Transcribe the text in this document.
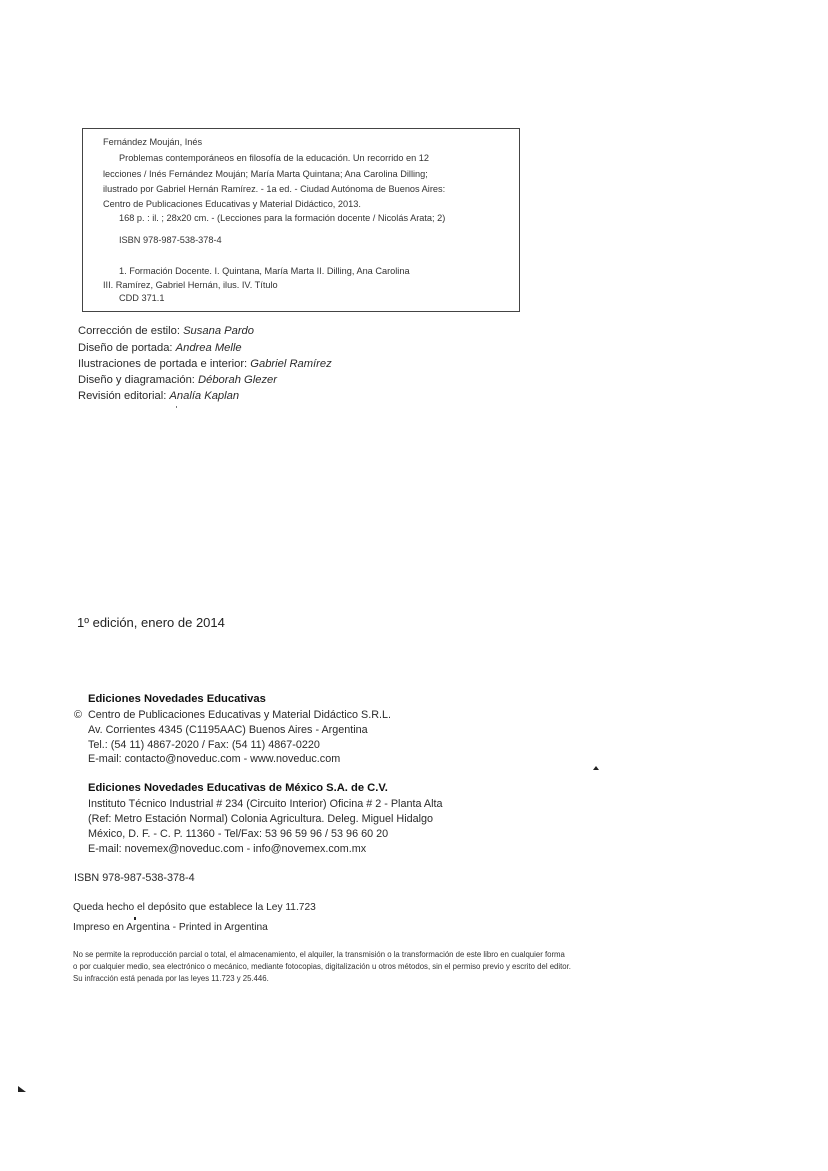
Fernández Mouján, Inés
Problemas contemporáneos en filosofía de la educación. Un recorrido en 12
lecciones / Inés Fernández Mouján; María Marta Quintana; Ana Carolina Dilling;
ilustrado por Gabriel Hernán Ramírez. - 1a ed. - Ciudad Autónoma de Buenos Aires:
Centro de Publicaciones Educativas y Material Didáctico, 2013.
168 p. : il. ; 28x20 cm. - (Lecciones para la formación docente / Nicolás Arata; 2)
ISBN 978-987-538-378-4
1. Formación Docente. I. Quintana, María Marta II. Dilling, Ana Carolina
III. Ramírez, Gabriel Hernán, ilus. IV. Título
CDD 371.1
Corrección de estilo: Susana Pardo
Diseño de portada: Andrea Melle
Ilustraciones de portada e interior: Gabriel Ramírez
Diseño y diagramación: Déborah Glezer
Revisión editorial: Analía Kaplan
1º edición, enero de 2014
Ediciones Novedades Educativas
© Centro de Publicaciones Educativas y Material Didáctico S.R.L.
Av. Corrientes 4345 (C1195AAC) Buenos Aires - Argentina
Tel.: (54 11) 4867-2020 / Fax: (54 11) 4867-0220
E-mail: contacto@noveduc.com - www.noveduc.com
Ediciones Novedades Educativas de México S.A. de C.V.
Instituto Técnico Industrial # 234 (Circuito Interior) Oficina # 2 - Planta Alta
(Ref: Metro Estación Normal) Colonia Agricultura. Deleg. Miguel Hidalgo
México, D. F. - C. P. 11360 - Tel/Fax: 53 96 59 96 / 53 96 60 20
E-mail: novemex@noveduc.com - info@novemex.com.mx
ISBN 978-987-538-378-4
Queda hecho el depósito que establece la Ley 11.723
Impreso en Argentina - Printed in Argentina
No se permite la reproducción parcial o total, el almacenamiento, el alquiler, la transmisión o la transformación de este libro en cualquier forma
o por cualquier medio, sea electrónico o mecánico, mediante fotocopias, digitalización u otros métodos, sin el permiso previo y escrito del editor.
Su infracción está penada por las leyes 11.723 y 25.446.
